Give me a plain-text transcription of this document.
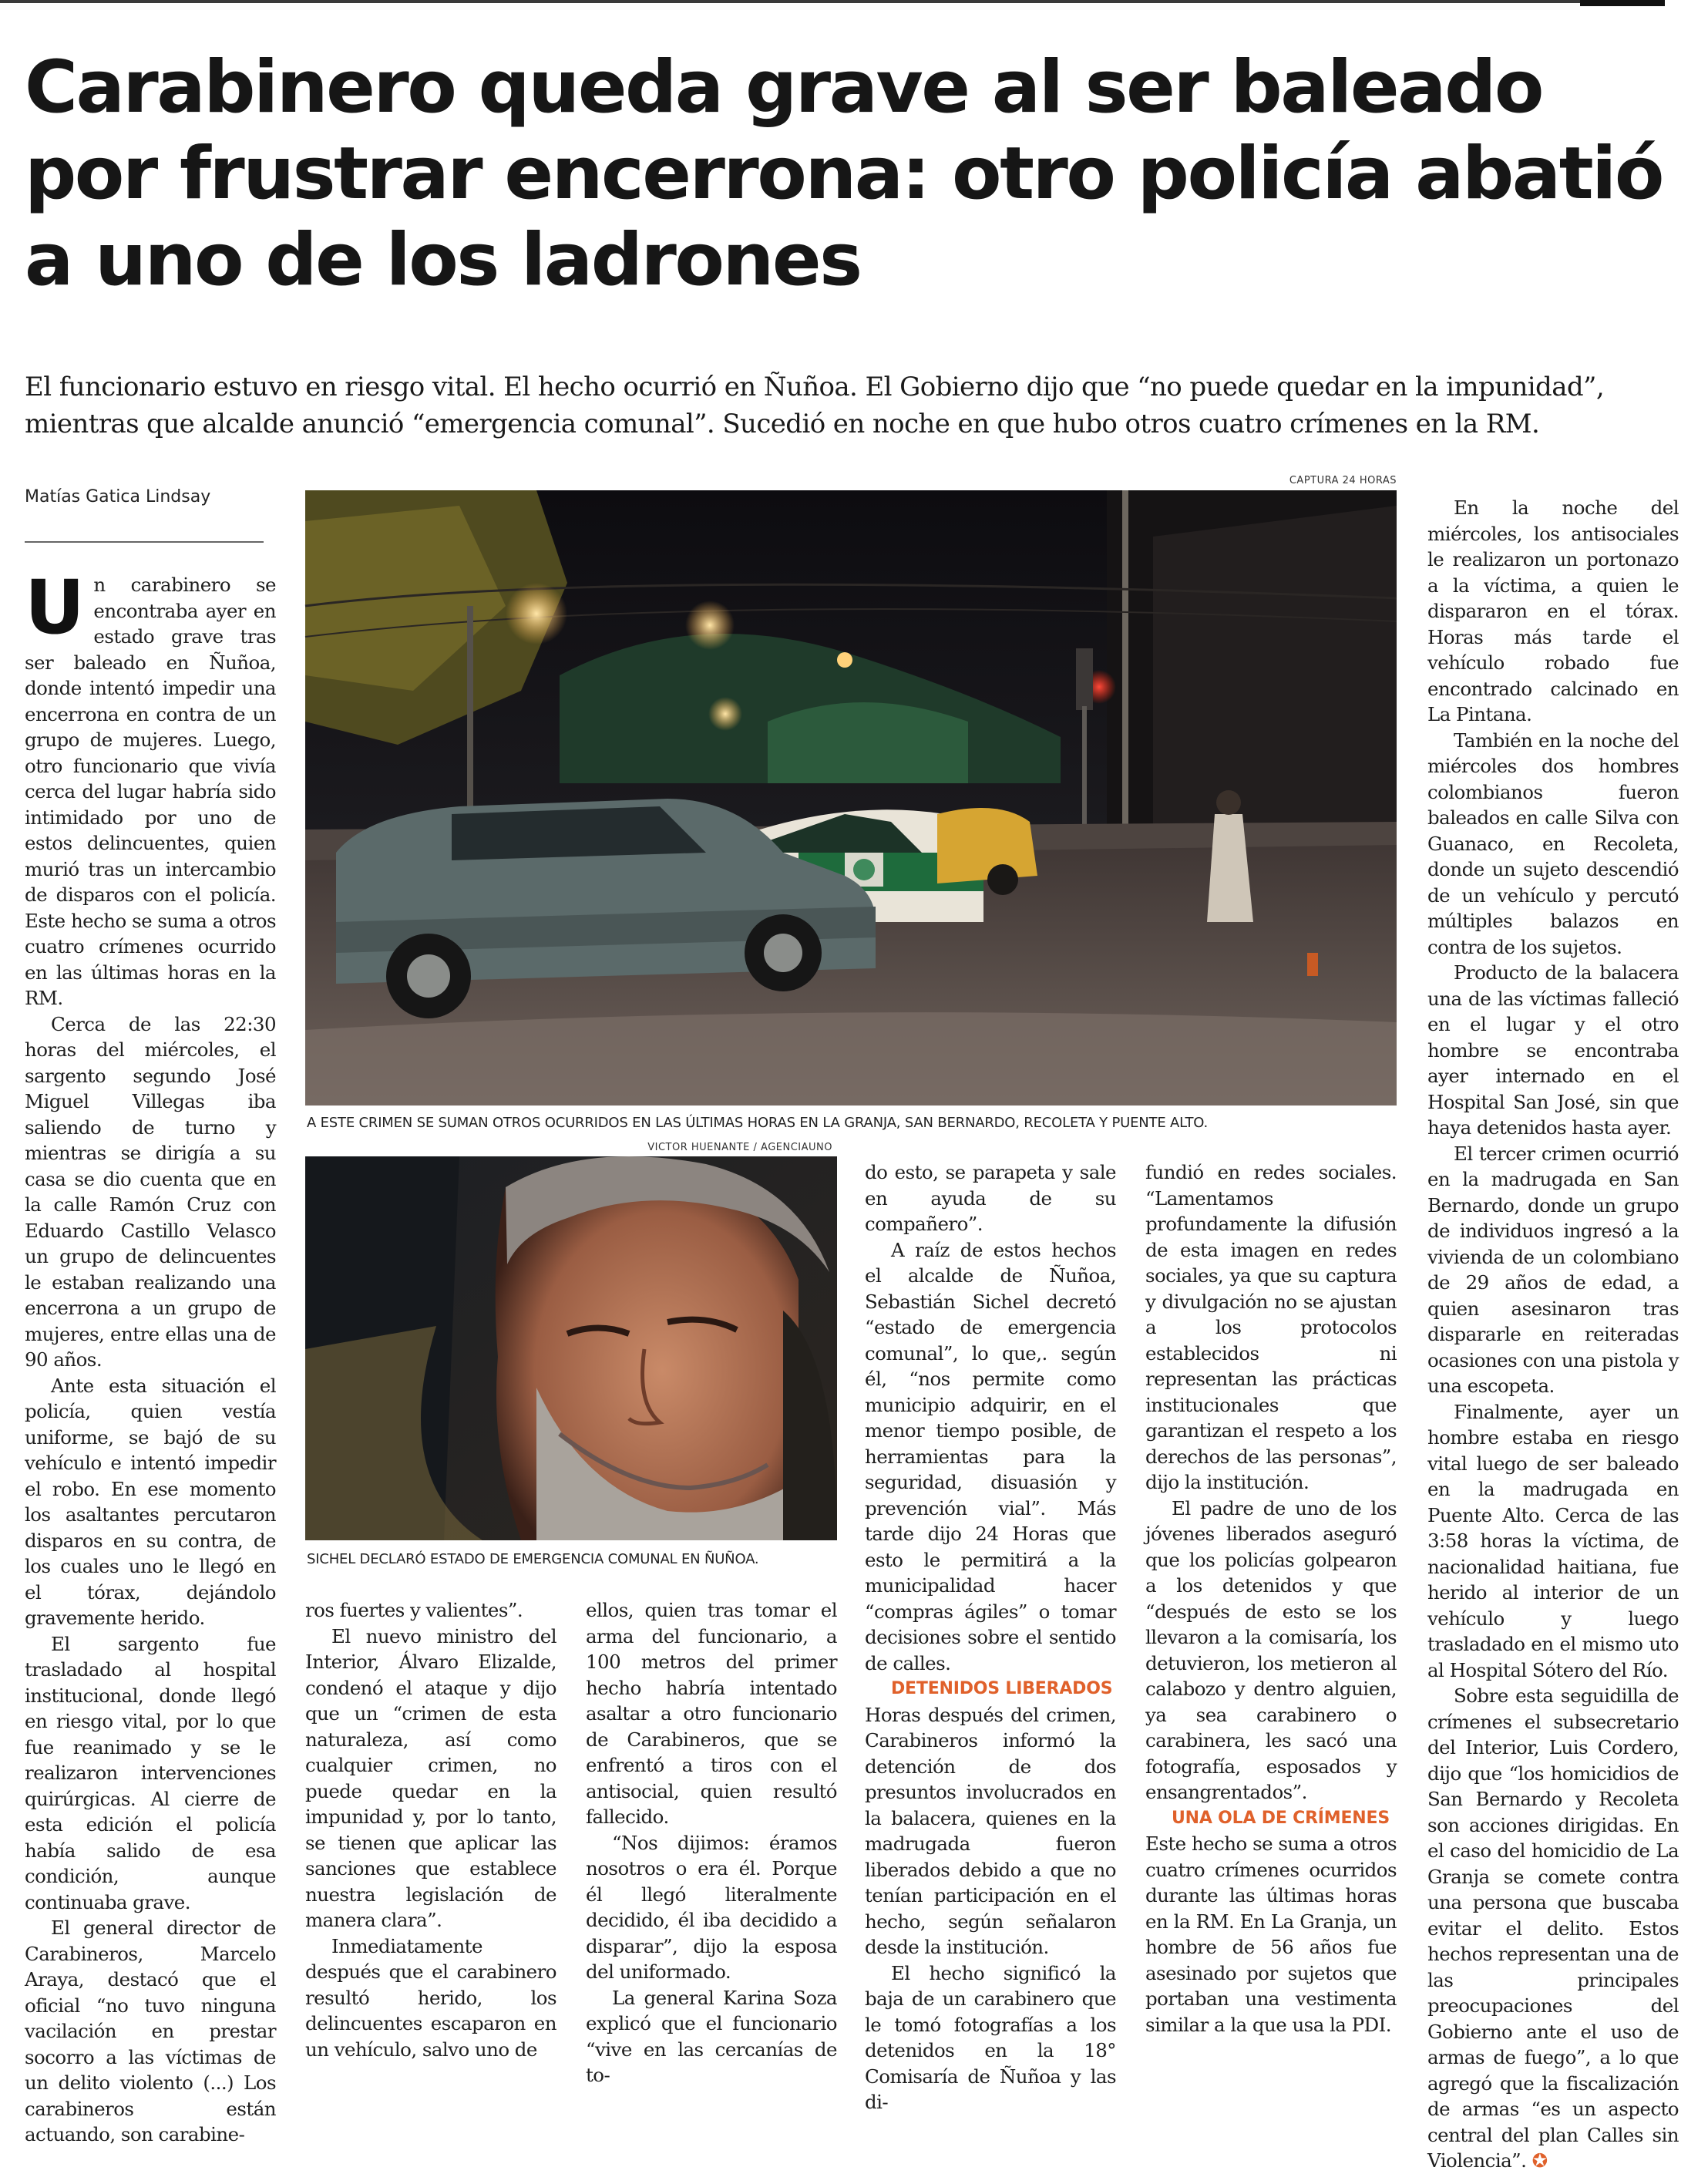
Carabinero queda grave al ser baleado por frustrar encerrona: otro policía abatió a uno de los ladrones

El funcionario estuvo en riesgo vital. El hecho ocurrió en Ñuñoa. El Gobierno dijo que “no puede quedar en la impunidad”, mientras que alcalde anunció “emergencia comunal”. Sucedió en noche en que hubo otros cuatro crímenes en la RM.

Matías Gatica Lindsay
CAPTURA 24 HORAS
A ESTE CRIMEN SE SUMAN OTROS OCURRIDOS EN LAS ÚLTIMAS HORAS EN LA GRANJA, SAN BERNARDO, RECOLETA Y PUENTE ALTO.
VICTOR HUENANTE / AGENCIAUNO
SICHEL DECLARÓ ESTADO DE EMERGENCIA COMUNAL EN ÑUÑOA.

Un carabinero se encontraba ayer en estado grave tras ser baleado en Ñuñoa, donde intentó impedir una encerrona en contra de un grupo de mujeres. Luego, otro funcionario que vivía cerca del lugar habría sido intimidado por uno de estos delincuentes, quien murió tras un intercambio de disparos con el policía. Este hecho se suma a otros cuatro crímenes ocurrido en las últimas horas en la RM.

Cerca de las 22:30 horas del miércoles, el sargento segundo José Miguel Villegas iba saliendo de turno y mientras se dirigía a su casa se dio cuenta que en la calle Ramón Cruz con Eduardo Castillo Velasco un grupo de delincuentes le estaban realizando una encerrona a un grupo de mujeres, entre ellas una de 90 años.

Ante esta situación el policía, quien vestía uniforme, se bajó de su vehículo e intentó impedir el robo. En ese momento los asaltantes percutaron disparos en su contra, de los cuales uno le llegó en el tórax, dejándolo gravemente herido.

El sargento fue trasladado al hospital institucional, donde llegó en riesgo vital, por lo que fue reanimado y se le realizaron intervenciones quirúrgicas. Al cierre de esta edición el policía había salido de esa condición, aunque continuaba grave.

El general director de Carabineros, Marcelo Araya, destacó que el oficial “no tuvo ninguna vacilación en prestar socorro a las víctimas de un delito violento (...) Los carabineros están actuando, son carabine-

ros fuertes y valientes”.

El nuevo ministro del Interior, Álvaro Elizalde, condenó el ataque y dijo que un “crimen de esta naturaleza, así como cualquier crimen, no puede quedar en la impunidad y, por lo tanto, se tienen que aplicar las sanciones que establece nuestra legislación de manera clara”.

Inmediatamente después que el carabinero resultó herido, los delincuentes escaparon en un vehículo, salvo uno de

ellos, quien tras tomar el arma del funcionario, a 100 metros del primer hecho habría intentado asaltar a otro funcionario de Carabineros, que se enfrentó a tiros con el antisocial, quien resultó fallecido.

“Nos dijimos: éramos nosotros o era él. Porque él llegó literalmente decidido, él iba decidido a disparar”, dijo la esposa del uniformado.

La general Karina Soza explicó que el funcionario “vive en las cercanías de to-

do esto, se parapeta y sale en ayuda de su compañero”.

A raíz de estos hechos el alcalde de Ñuñoa, Sebastián Sichel decretó “estado de emergencia comunal”, lo que,. según él, “nos permite como municipio adquirir, en el menor tiempo posible, de herramientas para la seguridad, disuasión y prevención vial”. Más tarde dijo 24 Horas que esto le permitirá a la municipalidad hacer “compras ágiles” o tomar decisiones sobre el sentido de calles.

DETENIDOS LIBERADOS

Horas después del crimen, Carabineros informó la detención de dos presuntos involucrados en la balacera, quienes en la madrugada fueron liberados debido a que no tenían participación en el hecho, según señalaron desde la institución.

El hecho significó la baja de un carabinero que le tomó fotografías a los detenidos en la 18° Comisaría de Ñuñoa y las di-

fundió en redes sociales. “Lamentamos profundamente la difusión de esta imagen en redes sociales, ya que su captura y divulgación no se ajustan a los protocolos establecidos ni representan las prácticas institucionales que garantizan el respeto a los derechos de las personas”, dijo la institución.

El padre de uno de los jóvenes liberados aseguró que los policías golpearon a los detenidos y que “después de esto se los llevaron a la comisaría, los detuvieron, los metieron al calabozo y dentro alguien, ya sea carabinero o carabinera, les sacó una fotografía, esposados y ensangrentados”.

UNA OLA DE CRÍMENES

Este hecho se suma a otros cuatro crímenes ocurridos durante las últimas horas en la RM. En La Granja, un hombre de 56 años fue asesinado por sujetos que portaban una vestimenta similar a la que usa la PDI.

En la noche del miércoles, los antisociales le realizaron un portonazo a la víctima, a quien le dispararon en el tórax. Horas más tarde el vehículo robado fue encontrado calcinado en La Pintana.

También en la noche del miércoles dos hombres colombianos fueron baleados en calle Silva con Guanaco, en Recoleta, donde un sujeto descendió de un vehículo y percutó múltiples balazos en contra de los sujetos.

Producto de la balacera una de las víctimas falleció en el lugar y el otro hombre se encontraba ayer internado en el Hospital San José, sin que haya detenidos hasta ayer.

El tercer crimen ocurrió en la madrugada en San Bernardo, donde un grupo de individuos ingresó a la vivienda de un colombiano de 29 años de edad, a quien asesinaron tras dispararle en reiteradas ocasiones con una pistola y una escopeta.

Finalmente, ayer un hombre estaba en riesgo vital luego de ser baleado en la madrugada en Puente Alto. Cerca de las 3:58 horas la víctima, de nacionalidad haitiana, fue herido al interior de un vehículo y luego trasladado en el mismo uto al Hospital Sótero del Río.

Sobre esta seguidilla de crímenes el subsecretario del Interior, Luis Cordero, dijo que “los homicidios de San Bernardo y Recoleta son acciones dirigidas. En el caso del homicidio de La Granja se comete contra una persona que buscaba evitar el delito. Estos hechos representan una de las principales preocupaciones del Gobierno ante el uso de armas de fuego”, a lo que agregó que la fiscalización de armas “es un aspecto central del plan Calles sin Violencia”. ✪
